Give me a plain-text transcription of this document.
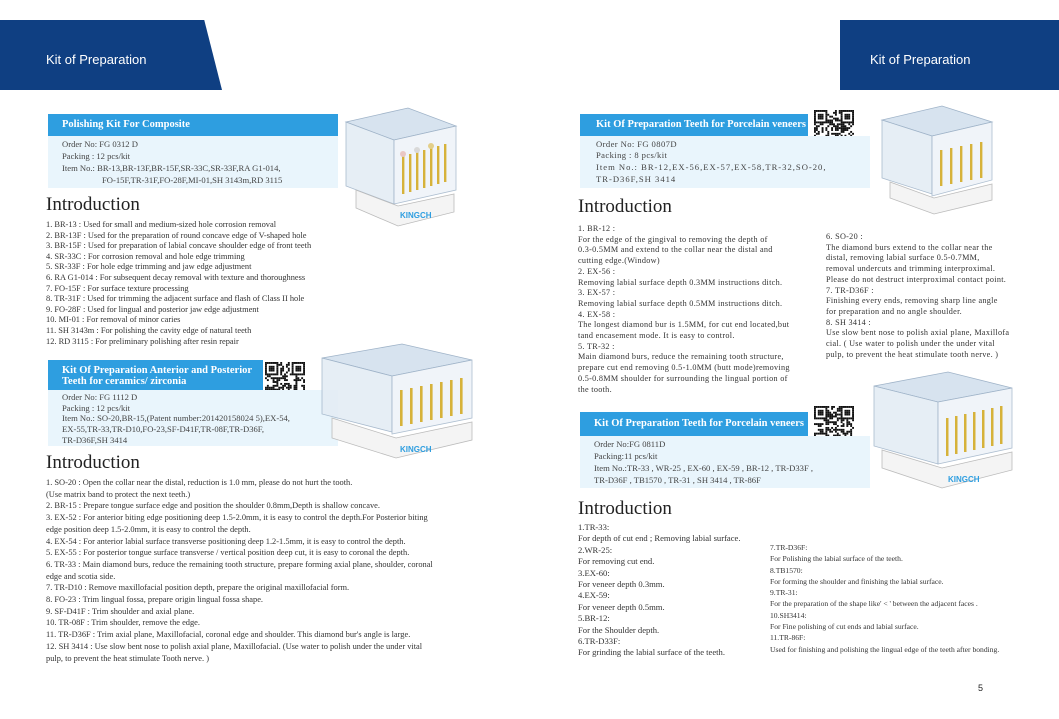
Kit of Preparation	Kit of Preparation
Polishing Kit For Composite
Order No: FG 0312 D
Packing : 12 pcs/kit
Item No.: BR-13,BR-13F,BR-15F,SR-33C,SR-33F,RA G1-014,
FO-15F,TR-31F,FO-28F,MI-01,SH 3143m,RD 3115
KINGCH
Introduction
1. BR-13 : Used for small and medium-sized hole corrosion removal
2. BR-13F : Used for the preparation of round concave edge of V-shaped hole
3. BR-15F : Used for preparation of labial concave shoulder edge of front teeth
4. SR-33C : For corrosion removal and hole edge trimming
5. SR-33F : For hole edge trimming and jaw edge adjustment
6. RA G1-014 : For subsequent decay removal with texture and thoroughness
7. FO-15F : For surface texture processing
8. TR-31F : Used for trimming the adjacent surface and flash of Class II hole
9. FO-28F : Used for lingual and posterior jaw edge adjustment
10. MI-01 : For removal of minor caries
11. SH 3143m : For polishing the cavity edge of natural teeth
12. RD 3115 : For preliminary polishing after resin repair
Kit Of Preparation Anterior and Posterior
Teeth for ceramics/ zirconia
Order No: FG 1112 D
Packing : 12 pcs/kit
Item No.: SO-20,BR-15,(Patent number:201420158024 5),EX-54,
EX-55,TR-33,TR-D10,FO-23,SF-D41F,TR-08F,TR-D36F,
TR-D36F,SH 3414
KINGCH
Introduction
1. SO-20 : Open the collar near the distal, reduction is 1.0 mm, please do not hurt the tooth.
(Use matrix band to protect the next teeth.)
2. BR-15 : Prepare tongue surface edge and position the shoulder 0.8mm,Depth is shallow concave.
3. EX-52 : For anterior biting edge positioning deep 1.5-2.0mm, it is easy to control the depth.For Posterior biting
edge position deep 1.5-2.0mm, it is easy to control the depth.
4. EX-54 : For anterior labial surface transverse positioning deep 1.2-1.5mm, it is easy to control the depth.
5. EX-55 : For posterior tongue surface transverse / vertical position deep cut, it is easy to coronal the depth.
6. TR-33 : Main diamond burs, reduce the remaining tooth structure, prepare forming axial plane, shoulder, coronal
edge and scotia side.
7. TR-D10 : Remove maxillofacial position depth, prepare the original maxillofacial form.
8. FO-23 : Trim lingual fossa, prepare origin lingual fossa shape.
9. SF-D41F : Trim shoulder and axial plane.
10. TR-08F : Trim shoulder, remove the edge.
11. TR-D36F : Trim axial plane, Maxillofacial, coronal edge and shoulder. This diamond bur's angle is large.
12. SH 3414 : Use slow bent nose to polish axial plane, Maxillofacial. (Use water to polish under the under vital
pulp, to prevent the heat stimulate Tooth nerve. )
Kit Of Preparation Teeth for Porcelain veneers
Order No: FG 0807D
Packing : 8 pcs/kit
Item No.: BR-12,EX-56,EX-57,EX-58,TR-32,SO-20,
TR-D36F,SH 3414
Introduction
1. BR-12 :
For the edge of the gingival to removing the depth of
0.3-0.5MM and extend to the collar near the distal and
cutting edge.(Window)
2. EX-56 :
Removing labial surface depth 0.3MM instructions ditch.
3. EX-57 :
Removing labial surface depth 0.5MM instructions ditch.
4. EX-58 :
The longest diamond bur is 1.5MM, for cut end located,but
tand encasement mode. It is easy to control.
5. TR-32 :
Main diamond burs, reduce the remaining tooth structure,
prepare cut end removing 0.5-1.0MM (butt mode)removing
0.5-0.8MM shoulder for surrounding the lingual portion of
the tooth.
6. SO-20 :
The diamond burs extend to the collar near the
distal, removing labial surface 0.5-0.7MM,
removal undercuts and trimming interproximal.
Please do not destruct interproximal contact point.
7. TR-D36F :
Finishing every ends, removing sharp line angle
for preparation and no angle shoulder.
8. SH 3414 :
Use slow bent nose to polish axial plane, Maxillofa
cial. ( Use water to polish under the under vital
pulp, to prevent the heat stimulate tooth nerve. )
Kit Of Preparation Teeth for Porcelain veneers
Order No:FG 0811D
Packing:11 pcs/kit
Item No.:TR-33 , WR-25 , EX-60 , EX-59 , BR-12 , TR-D33F ,
TR-D36F , TB1570 , TR-31 , SH 3414 , TR-86F	KINGCH
Introduction
1.TR-33:
For depth of cut end ; Removing labial surface.
2.WR-25:
For removing cut end.
3.EX-60:
For veneer depth 0.3mm.
4.EX-59:
For veneer depth 0.5mm.
5.BR-12:
For the Shoulder depth.
6.TR-D33F:
For grinding the labial surface of the teeth.
7.TR-D36F:
For Polishing the labial surface of the teeth.
8.TB1570:
For forming the shoulder and finishing the labial surface.
9.TR-31:
For the preparation of the shape like' < ' between the adjacent faces .
10.SH3414:
For Fine polishing of cut ends and labial surface.
11.TR-86F:
Used for finishing and polishing the lingual edge of the teeth after bonding.
5
